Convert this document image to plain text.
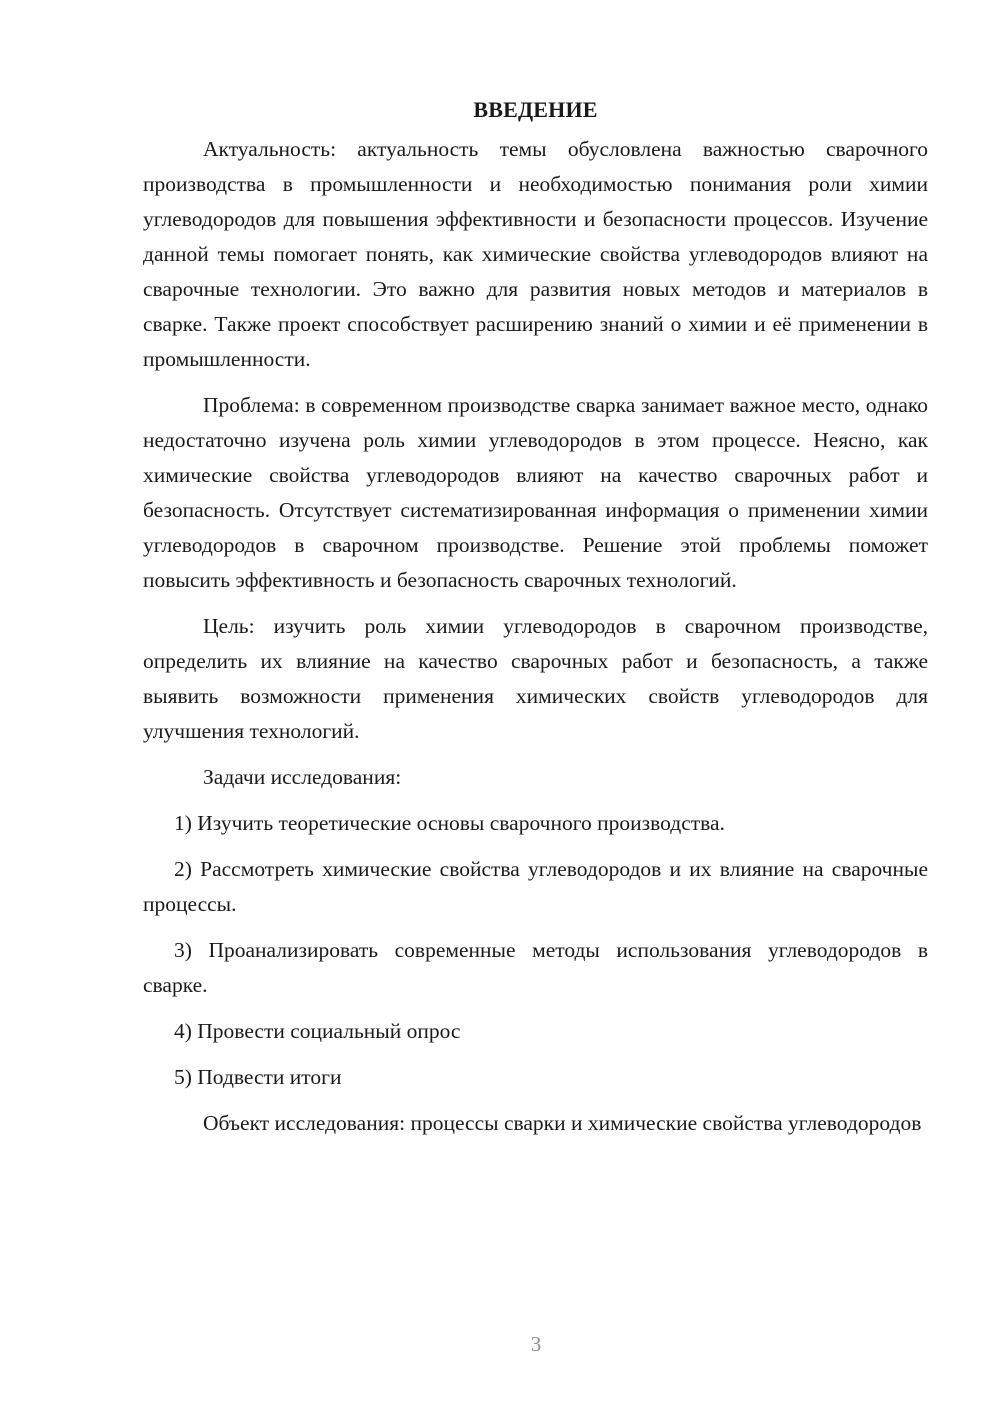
ВВЕДЕНИЕ

Актуальность: актуальность темы обусловлена важностью сварочного производства в промышленности и необходимостью понимания роли химии углеводородов для повышения эффективности и безопасности процессов. Изучение данной темы помогает понять, как химические свойства углеводородов влияют на сварочные технологии. Это важно для развития новых методов и материалов в сварке. Также проект способствует расширению знаний о химии и её применении в промышленности.

Проблема: в современном производстве сварка занимает важное место, однако недостаточно изучена роль химии углеводородов в этом процессе. Неясно, как химические свойства углеводородов влияют на качество сварочных работ и безопасность. Отсутствует систематизированная информация о применении химии углеводородов в сварочном производстве. Решение этой проблемы поможет повысить эффективность и безопасность сварочных технологий.

Цель: изучить роль химии углеводородов в сварочном производстве, определить их влияние на качество сварочных работ и безопасность, а также выявить возможности применения химических свойств углеводородов для улучшения технологий.

Задачи исследования:

1) Изучить теоретические основы сварочного производства.

2) Рассмотреть химические свойства углеводородов и их влияние на сварочные процессы.

3) Проанализировать современные методы использования углеводородов в сварке.

4) Провести социальный опрос

5) Подвести итоги

Объект исследования: процессы сварки и химические свойства углеводородов

3
